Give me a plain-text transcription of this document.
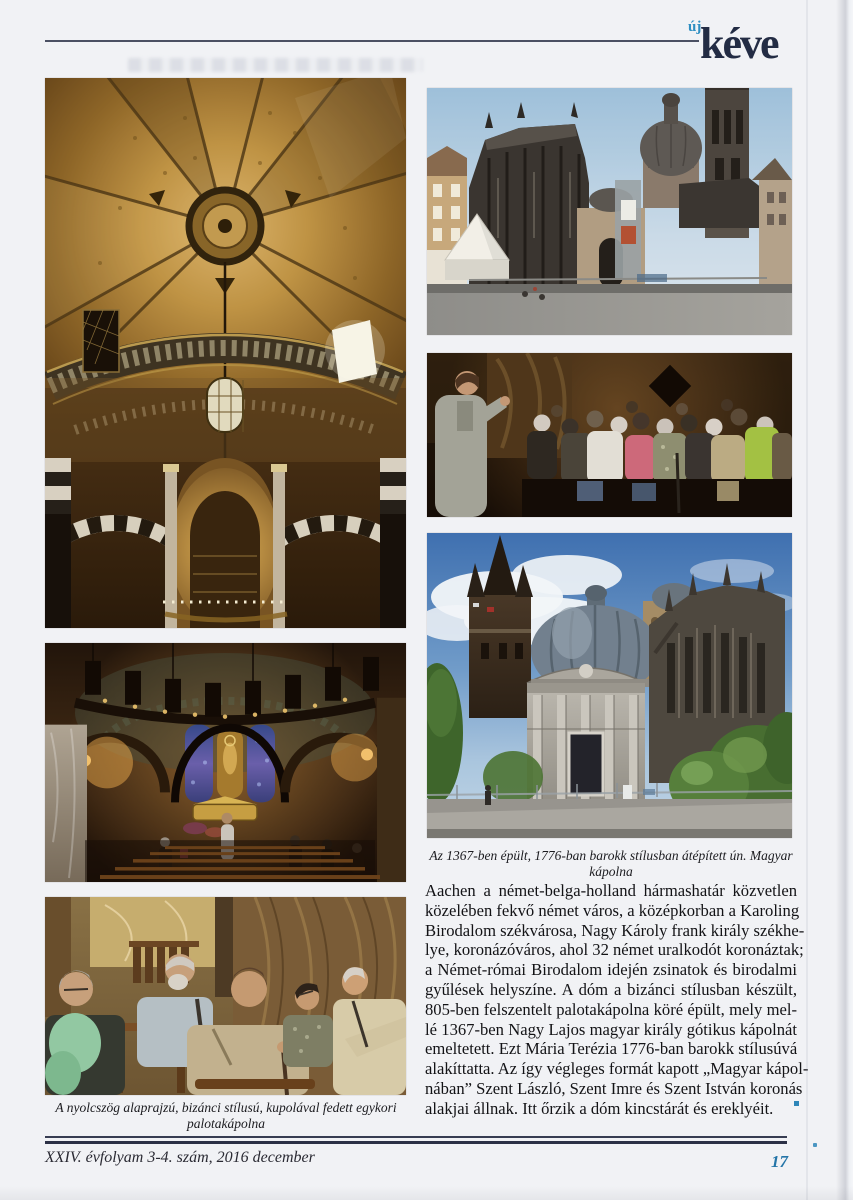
új
kéve
A nyolcszög alaprajzú, bizánci stílusú, kupolával fedett egykori palotakápolna
Az 1367-ben épült, 1776-ban barokk stílusban átépített ún. Magyar kápolna
Aachen a német-belga-holland hármashatár közvetlen
közelében fekvő német város, a középkorban a Karoling
Birodalom székvárosa, Nagy Károly frank király székhe-
lye, koronázóváros, ahol 32 német uralkodót koronáztak;
a Német-római Birodalom idején zsinatok és birodalmi
gyűlések helyszíne. A dóm a bizánci stílusban készült,
805-ben felszentelt palotakápolna köré épült, mely mel-
lé 1367-ben Nagy Lajos magyar király gótikus kápolnát
emeltetett. Ezt Mária Terézia 1776-ban barokk stílusúvá
alakíttatta. Az így végleges formát kapott „Magyar kápol-
nában” Szent László, Szent Imre és Szent István koronás
alakjai állnak. Itt őrzik a dóm kincstárát és ereklyéit.
XXIV. évfolyam 3-4. szám, 2016 december	17
